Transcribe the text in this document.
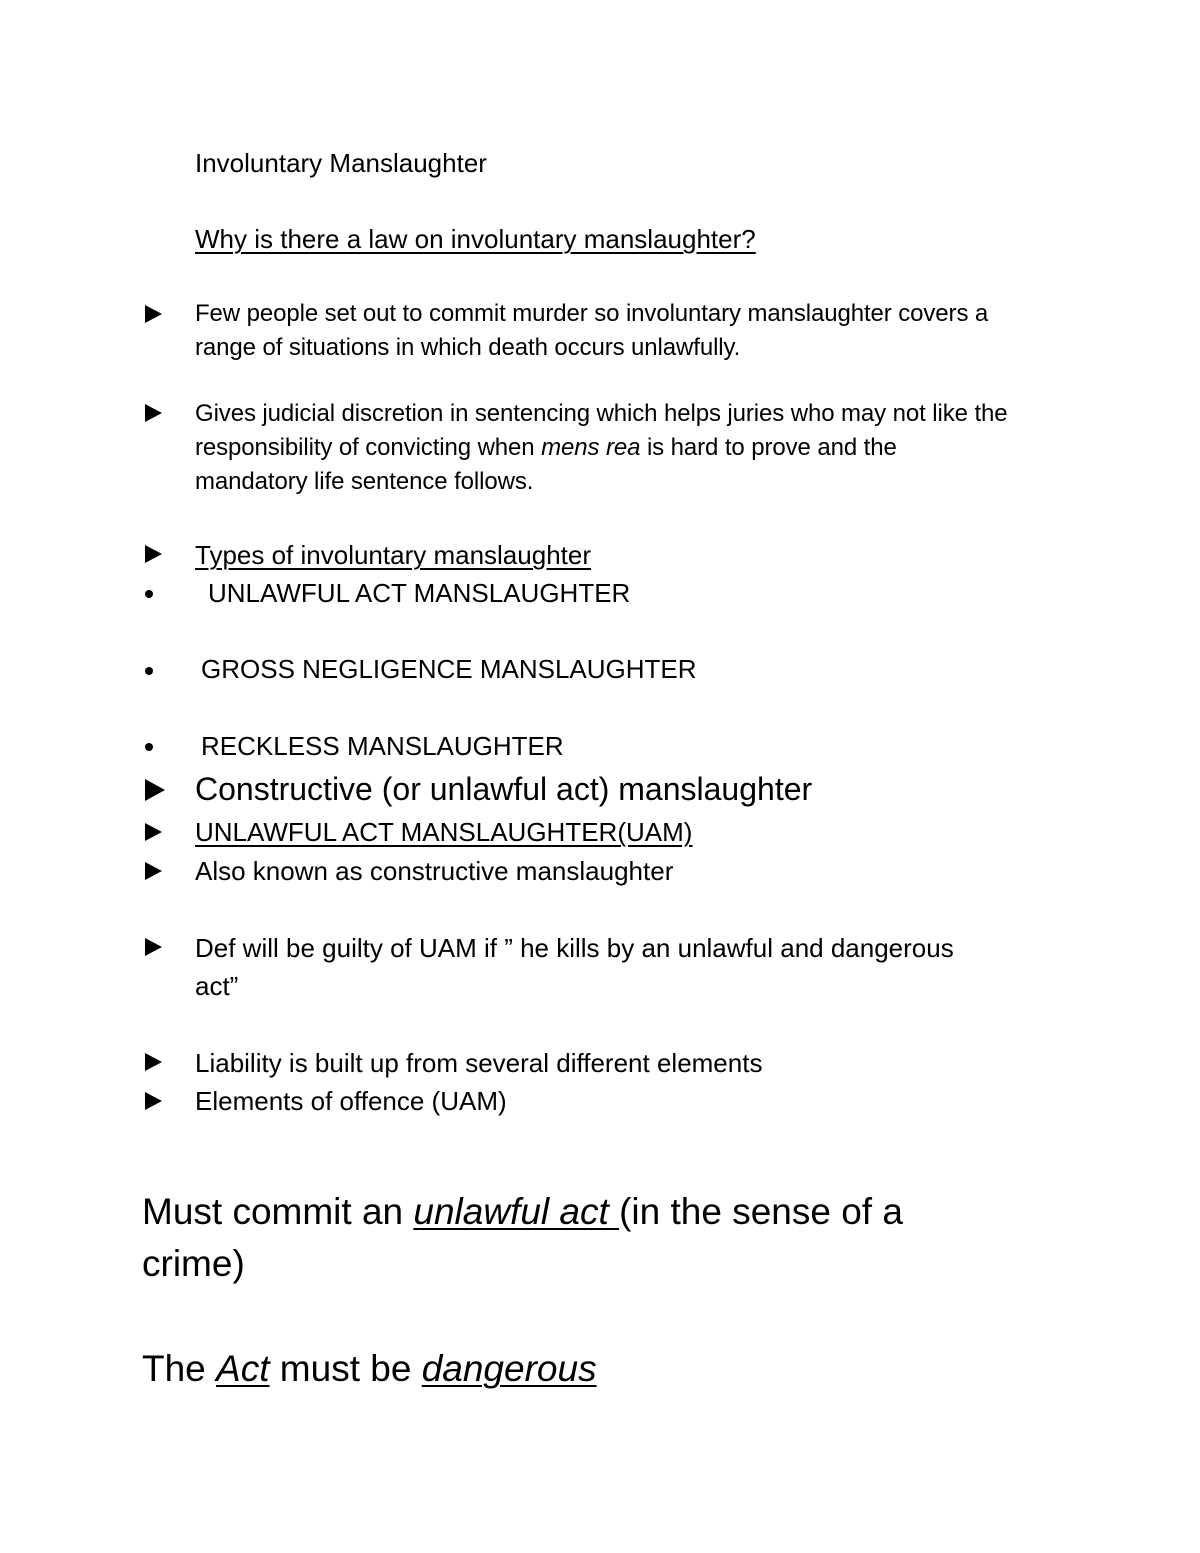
Involuntary Manslaughter
Why is there a law on involuntary manslaughter?
Few people set out to commit murder so involuntary manslaughter covers a
range of situations in which death occurs unlawfully.
Gives judicial discretion in sentencing which helps juries who may not like the
responsibility of convicting when mens rea is hard to prove and the
mandatory life sentence follows.
Types of involuntary manslaughter
UNLAWFUL ACT MANSLAUGHTER
GROSS NEGLIGENCE MANSLAUGHTER
RECKLESS MANSLAUGHTER
Constructive (or unlawful act) manslaughter
UNLAWFUL ACT MANSLAUGHTER(UAM)
Also known as constructive manslaughter
Def will be guilty of UAM if ” he kills by an unlawful and dangerous
act”
Liability is built up from several different elements
Elements of offence (UAM)
Must commit an unlawful act (in the sense of a
crime)
The Act must be dangerous
